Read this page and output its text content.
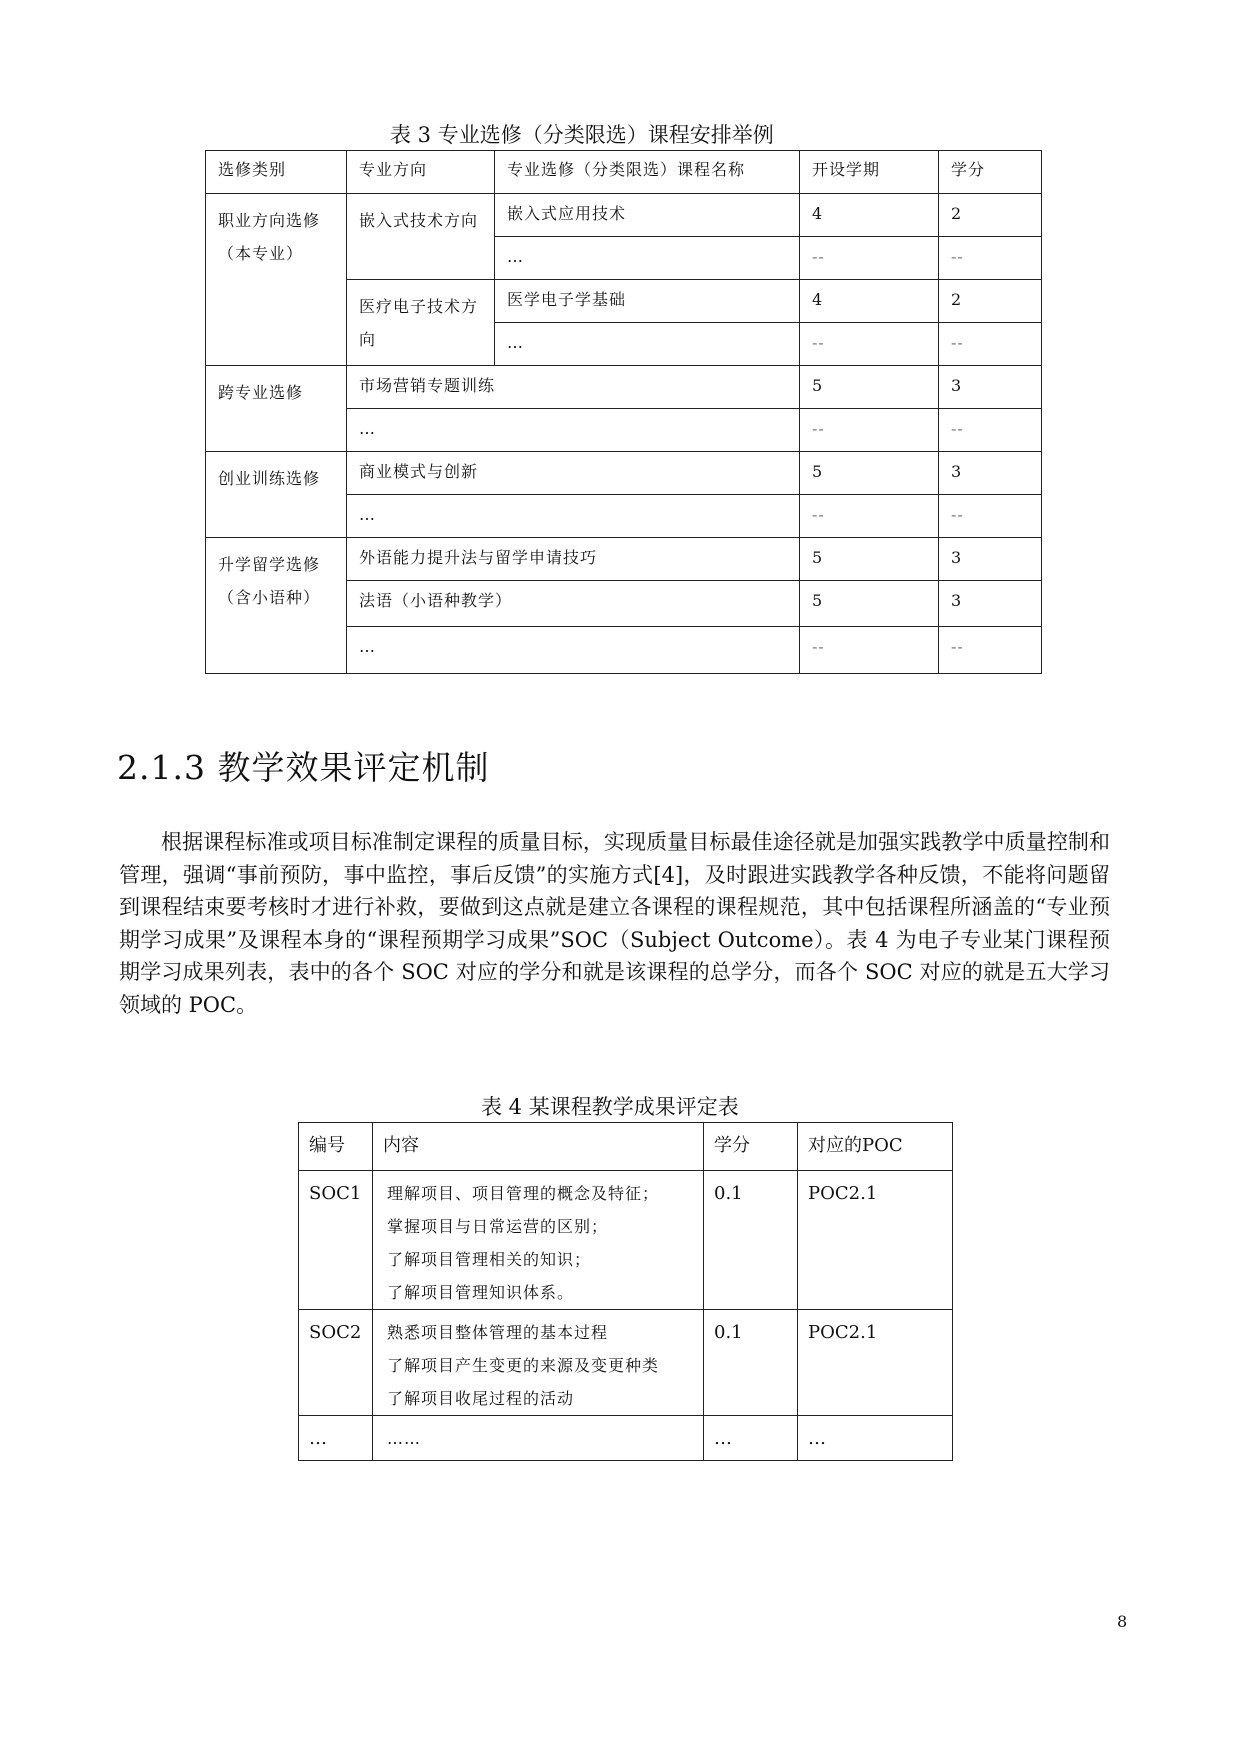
表 3 专业选修（分类限选）课程安排举例
选修类别	专业方向	专业选修（分类限选）课程名称	开设学期	学分
职业方向选修（本专业）	嵌入式技术方向	嵌入式应用技术	4	2
		…	--	--
	医疗电子技术方向	医学电子学基础	4	2
		…	--	--
跨专业选修	市场营销专题训练		5	3
	…		--	--
创业训练选修	商业模式与创新		5	3
	…		--	--
升学留学选修（含小语种）	外语能力提升法与留学申请技巧		5	3
	法语（小语种教学）		5	3
	…		--	--
2.1.3 教学效果评定机制

根据课程标准或项目标准制定课程的质量目标，实现质量目标最佳途径就是加强实践教学中质量控制和管理，强调“事前预防，事中监控，事后反馈”的实施方式[4]，及时跟进实践教学各种反馈，不能将问题留到课程结束要考核时才进行补救，要做到这点就是建立各课程的课程规范，其中包括课程所涵盖的“专业预期学习成果”及课程本身的“课程预期学习成果”SOC（Subject Outcome）。表 4 为电子专业某门课程预期学习成果列表，表中的各个 SOC 对应的学分和就是该课程的总学分，而各个 SOC 对应的就是五大学习领域的 POC。

表 4 某课程教学成果评定表
编号	内容	学分	对应的POC
SOC1	理解项目、项目管理的概念及特征；
掌握项目与日常运营的区别；
了解项目管理相关的知识；
了解项目管理知识体系。	0.1	POC2.1
SOC2	熟悉项目整体管理的基本过程
了解项目产生变更的来源及变更种类
了解项目收尾过程的活动	0.1	POC2.1
…	……	…	…
8
